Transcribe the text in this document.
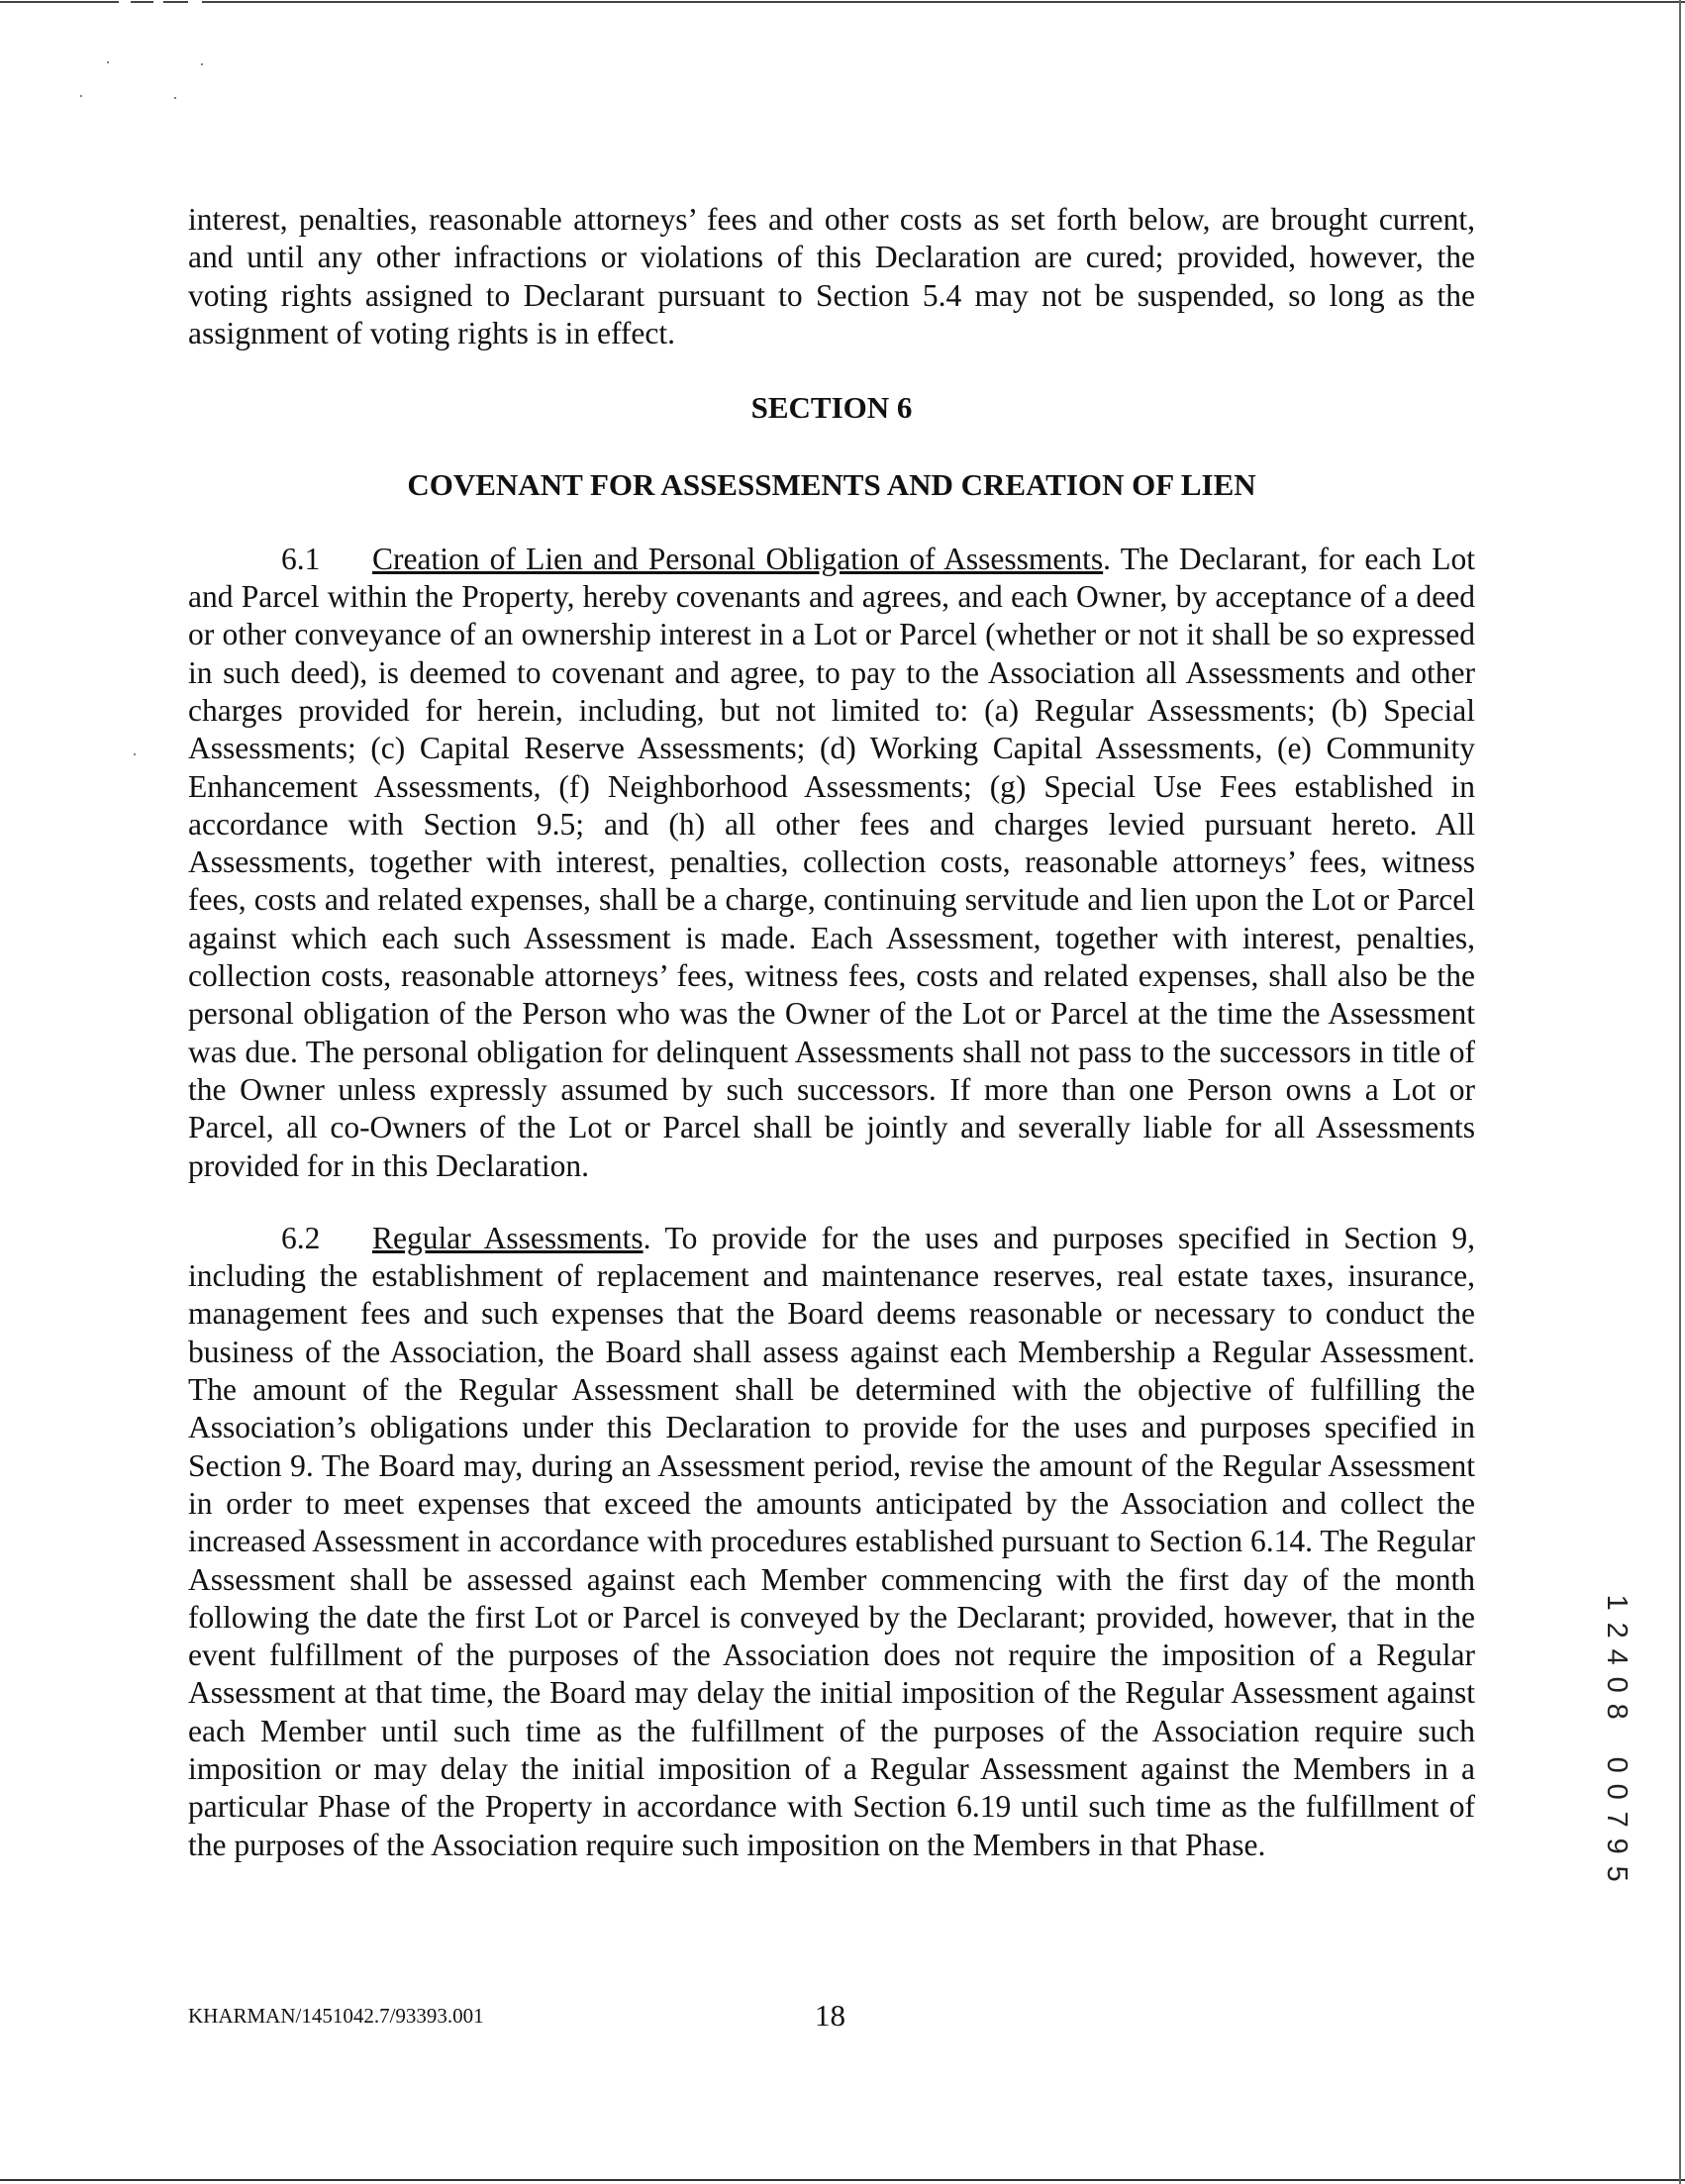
interest, penalties, reasonable attorneys’ fees and other costs as set forth below, are brought current, and until any other infractions or violations of this Declaration are cured; provided, however, the voting rights assigned to Declarant pursuant to Section 5.4 may not be suspended, so long as the assignment of voting rights is in effect.

SECTION 6
COVENANT FOR ASSESSMENTS AND CREATION OF LIEN

6.1 Creation of Lien and Personal Obligation of Assessments. The Declarant, for each Lot and Parcel within the Property, hereby covenants and agrees, and each Owner, by acceptance of a deed or other conveyance of an ownership interest in a Lot or Parcel (whether or not it shall be so expressed in such deed), is deemed to covenant and agree, to pay to the Association all Assessments and other charges provided for herein, including, but not limited to: (a) Regular Assessments; (b) Special Assessments; (c) Capital Reserve Assessments; (d) Working Capital Assessments, (e) Community Enhancement Assessments, (f) Neighborhood Assessments; (g) Special Use Fees established in accordance with Section 9.5; and (h) all other fees and charges levied pursuant hereto. All Assessments, together with interest, penalties, collection costs, reasonable attorneys’ fees, witness fees, costs and related expenses, shall be a charge, continuing servitude and lien upon the Lot or Parcel against which each such Assessment is made. Each Assessment, together with interest, penalties, collection costs, reasonable attorneys’ fees, witness fees, costs and related expenses, shall also be the personal obligation of the Person who was the Owner of the Lot or Parcel at the time the Assessment was due. The personal obligation for delinquent Assessments shall not pass to the successors in title of the Owner unless expressly assumed by such successors. If more than one Person owns a Lot or Parcel, all co-Owners of the Lot or Parcel shall be jointly and severally liable for all Assessments provided for in this Declaration.

6.2 Regular Assessments. To provide for the uses and purposes specified in Section 9, including the establishment of replacement and maintenance reserves, real estate taxes, insurance, management fees and such expenses that the Board deems reasonable or necessary to conduct the business of the Association, the Board shall assess against each Membership a Regular Assessment. The amount of the Regular Assessment shall be determined with the objective of fulfilling the Association’s obligations under this Declaration to provide for the uses and purposes specified in Section 9. The Board may, during an Assessment period, revise the amount of the Regular Assessment in order to meet expenses that exceed the amounts anticipated by the Association and collect the increased Assessment in accordance with procedures established pursuant to Section 6.14. The Regular Assessment shall be assessed against each Member commencing with the first day of the month following the date the first Lot or Parcel is conveyed by the Declarant; provided, however, that in the event fulfillment of the purposes of the Association does not require the imposition of a Regular Assessment at that time, the Board may delay the initial imposition of the Regular Assessment against each Member until such time as the fulfillment of the purposes of the Association require such imposition or may delay the initial imposition of a Regular Assessment against the Members in a particular Phase of the Property in accordance with Section 6.19 until such time as the fulfillment of the purposes of the Association require such imposition on the Members in that Phase.

KHARMAN/1451042.7/93393.001	18
1
2
4
0
8
0
0
7
9
5
